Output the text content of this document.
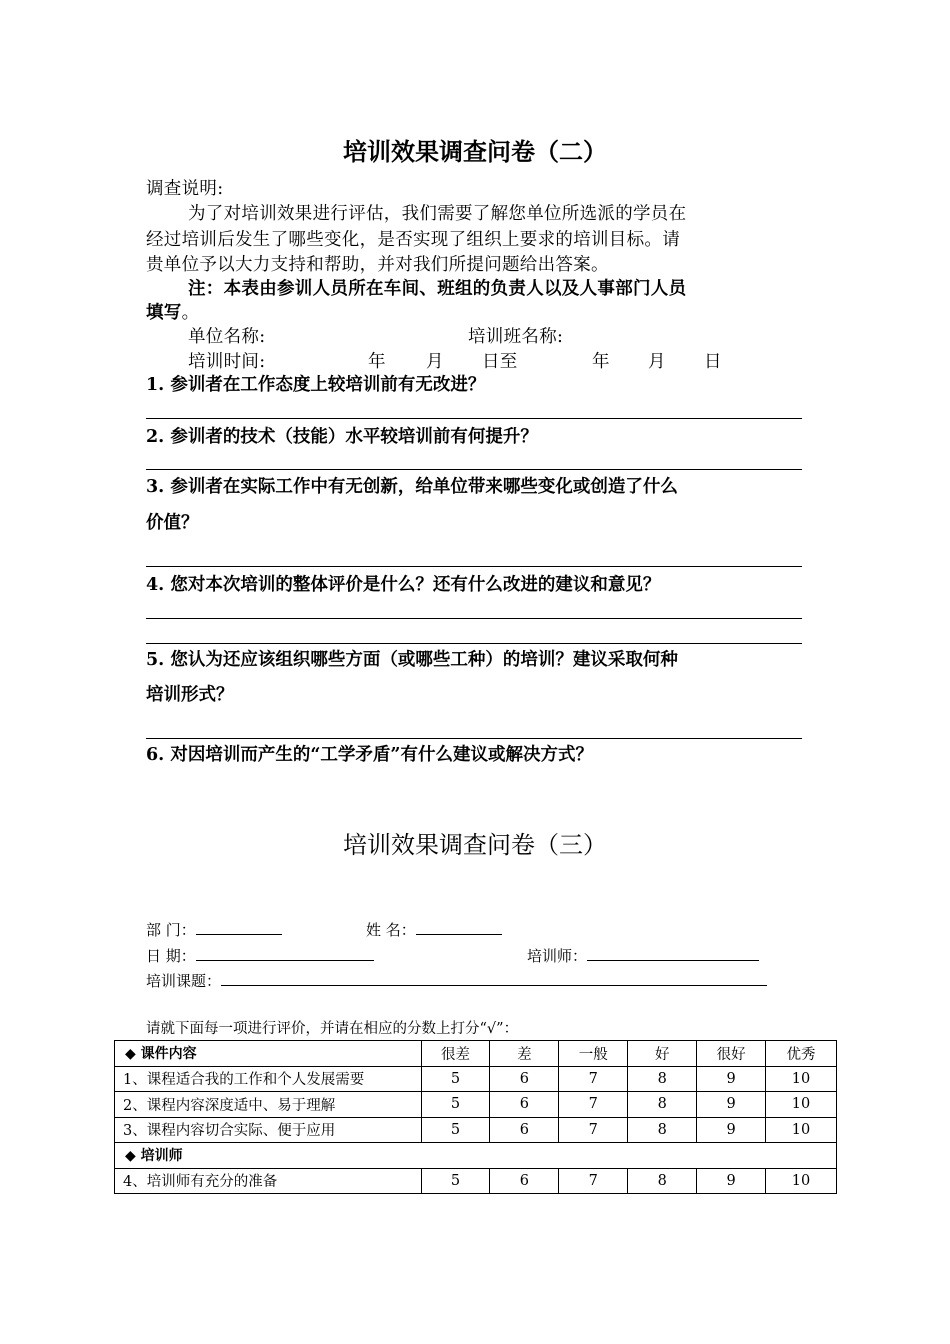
培训效果调查问卷（二）
调查说明:
为了对培训效果进行评估，我们需要了解您单位所选派的学员在
经过培训后发生了哪些变化，是否实现了组织上要求的培训目标。请
贵单位予以大力支持和帮助，并对我们所提问题给出答案。
注：本表由参训人员所在车间、班组的负责人以及人事部门人员
填写。
单位名称:	培训班名称:
培训时间:	年 月 日至	年 月 日
1. 参训者在工作态度上较培训前有无改进？
2. 参训者的技术（技能）水平较培训前有何提升？
3. 参训者在实际工作中有无创新，给单位带来哪些变化或创造了什么
价值？
4. 您对本次培训的整体评价是什么？还有什么改进的建议和意见？
5. 您认为还应该组织哪些方面（或哪些工种）的培训？建议采取何种
培训形式？
6. 对因培训而产生的“工学矛盾”有什么建议或解决方式？
培训效果调查问卷（三）
部 门：	姓 名：
日 期：	培训师：
培训课题：
请就下面每一项进行评价，并请在相应的分数上打分“√”：
◆ 课件内容	很差	差	一般	好	很好	优秀
1、课程适合我的工作和个人发展需要	5	6	7	8	9	10
2、课程内容深度适中、易于理解	5	6	7	8	9	10
3、课程内容切合实际、便于应用	5	6	7	8	9	10
◆ 培训师						
4、培训师有充分的准备	5	6	7	8	9	10
